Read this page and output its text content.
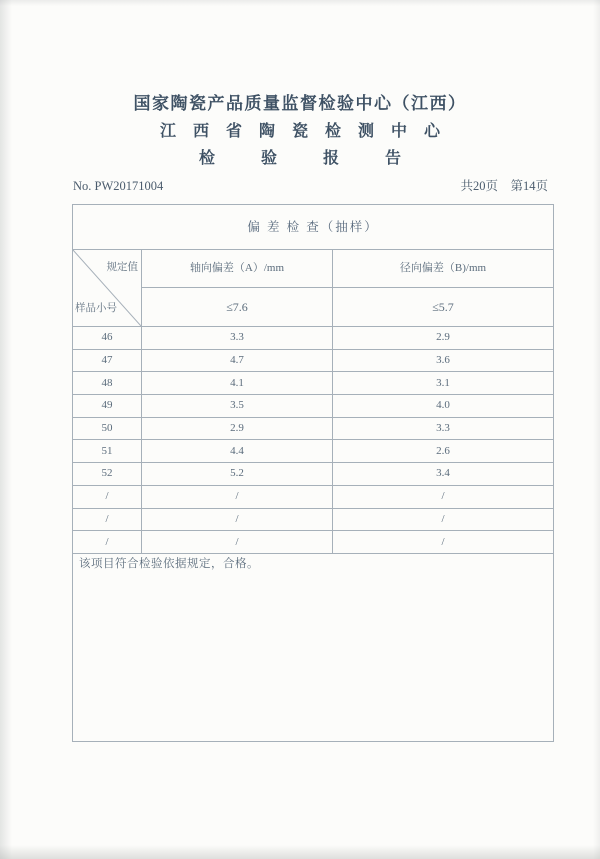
国家陶瓷产品质量监督检验中心（江西）
江西省陶瓷检测中心
检验报告
No. PW20171004	共20页　第14页
偏 差 检 查（抽样）		

规定值
样品小号	轴向偏差（A）/mm	径向偏差（B)/mm
	≤7.6	≤5.7
46	3.3	2.9
47	4.7	3.6
48	4.1	3.1
49	3.5	4.0
50	2.9	3.3
51	4.4	2.6
52	5.2	3.4
/	/	/
/	/	/
/	/	/
该项目符合检验依据规定，合格。		
